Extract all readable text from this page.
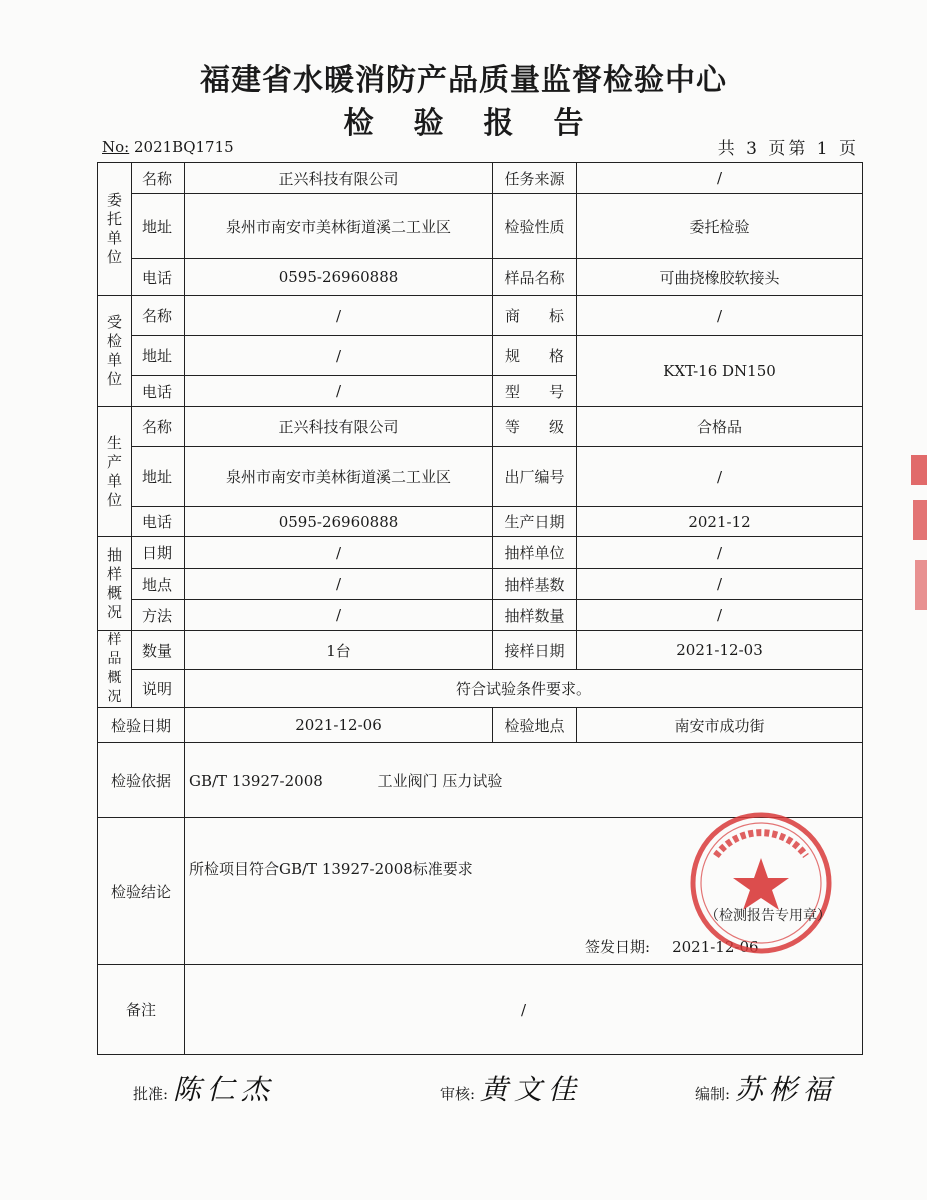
福建省水暖消防产品质量监督检验中心
检验报告
No: 2021BQ1715	共 3 页第 1 页
委托单位	名称	正兴科技有限公司	任务来源	/
	地址	泉州市南安市美林街道溪二工业区	检验性质	委托检验
	电话	0595-26960888	样品名称	可曲挠橡胶软接头
受检单位	名称	/	商 标	/
	地址	/	规 格	KXT-16 DN150
	电话	/	型 号	

生产单位	名称	正兴科技有限公司	等 级	合格品
	地址	泉州市南安市美林街道溪二工业区	出厂编号	/
	电话	0595-26960888	生产日期	2021-12
抽样概况	日期	/	抽样单位	/
	地点	/	抽样基数	/
	方法	/	抽样数量	/
样品概况	数量	1台	接样日期	2021-12-03
	说明	符合试验条件要求。		
检验日期		2021-12-06	检验地点	南安市成功街
检验依据		GB/T 13927-2008 工业阀门 压力试验		
检验结论		所检项目符合GB/T 13927-2008标准要求
签发日期: 2021-12-06		

备注		/		
（检测报告专用章）
批准: 陈仁杰	审核: 黄文佳	编制: 苏彬福
